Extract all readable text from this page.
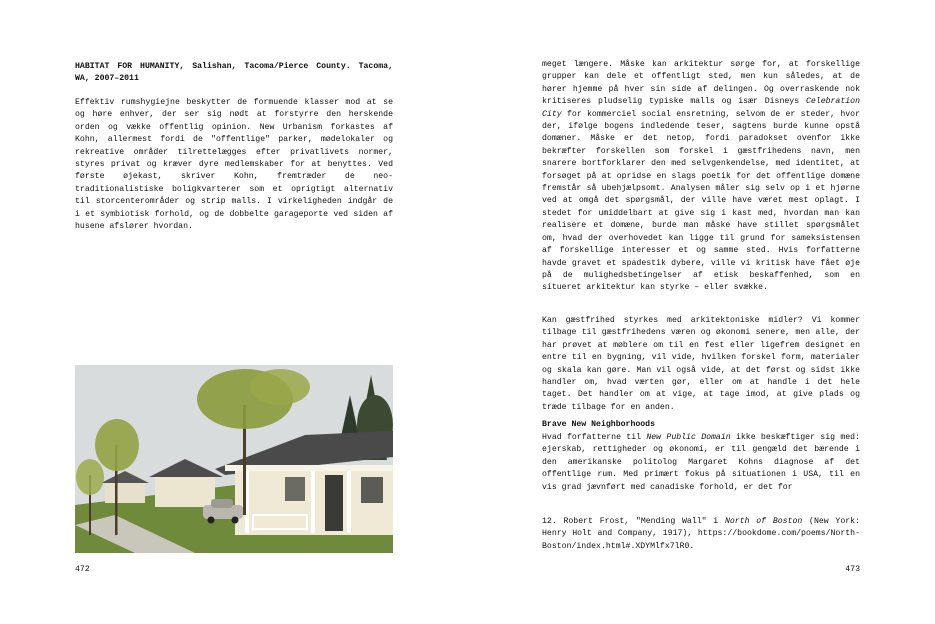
HABITAT FOR HUMANITY, Salishan, Tacoma/Pierce County. Tacoma, WA, 2007–2011

Effektiv rumshygiejne beskytter de formuende klasser mod at se og høre enhver, der ser sig nødt at forstyrre den herskende orden og vække offentlig opinion. New Urbanism forkastes af Kohn, allermest fordi de "offentlige" parker, mødelokaler og rekreative områder tilrettelægges efter privatlivets normer, styres privat og kræver dyre medlemskaber for at benyttes. Ved første øjekast, skriver Kohn, fremtræder de neo-traditionalistiske boligkvarterer som et oprigtigt alternativ til storcenterområder og strip malls. I virkeligheden indgår de i et symbiotisk forhold, og de dobbelte garageporte ved siden af husene afslører hvordan.

472

meget længere. Måske kan arkitektur sørge for, at forskellige grupper kan dele et offentligt sted, men kun således, at de hører hjemme på hver sin side af delingen. Og overraskende nok kritiseres pludselig typiske malls og især Disneys Celebration City for kommerciel social ensretning, selvom de er steder, hvor der, ifølge bogens indledende teser, sagtens burde kunne opstå domæner. Måske er det netop, fordi paradokset ovenfor ikke bekræfter forskellen som forskel i gæstfrihedens navn, men snarere bortforklarer den med selvgenkendelse, med identitet, at forsøget på at opridse en slags poetik for det offentlige domæne fremstår så ubehjælpsomt. Analysen måler sig selv op i et hjørne ved at omgå det spørgsmål, der ville have været mest oplagt. I stedet for umiddelbart at give sig i kast med, hvordan man kan realisere et domæne, burde man måske have stillet spørgsmålet om, hvad der overhovedet kan ligge til grund for sameksistensen af forskellige interesser et og samme sted. Hvis forfatterne havde gravet et spadestik dybere, ville vi kritisk have fået øje på de mulighedsbetingelser af etisk beskaffenhed, som en situeret arkitektur kan styrke – eller svække.

Kan gæstfrihed styrkes med arkitektoniske midler? Vi kommer tilbage til gæstfrihedens væren og økonomi senere, men alle, der har prøvet at møblere om til en fest eller ligefrem designet en entre til en bygning, vil vide, hvilken forskel form, materialer og skala kan gøre. Man vil også vide, at det først og sidst ikke handler om, hvad værten gør, eller om at handle i det hele taget. Det handler om at vige, at tage imod, at give plads og træde tilbage for en anden.

Brave New Neighborhoods

Hvad forfatterne til New Public Domain ikke beskæftiger sig med: ejerskab, rettigheder og økonomi, er til gengæld det bærende i den amerikanske politolog Margaret Kohns diagnose af det offentlige rum. Med primært fokus på situationen i USA, til en vis grad jævnført med canadiske forhold, er det for

12. Robert Frost, "Mending Wall" i North of Boston (New York: Henry Holt and Company, 1917), https://bookdome.com/poems/North-Boston/index.html#.XDYMlfx7lR0.

473
